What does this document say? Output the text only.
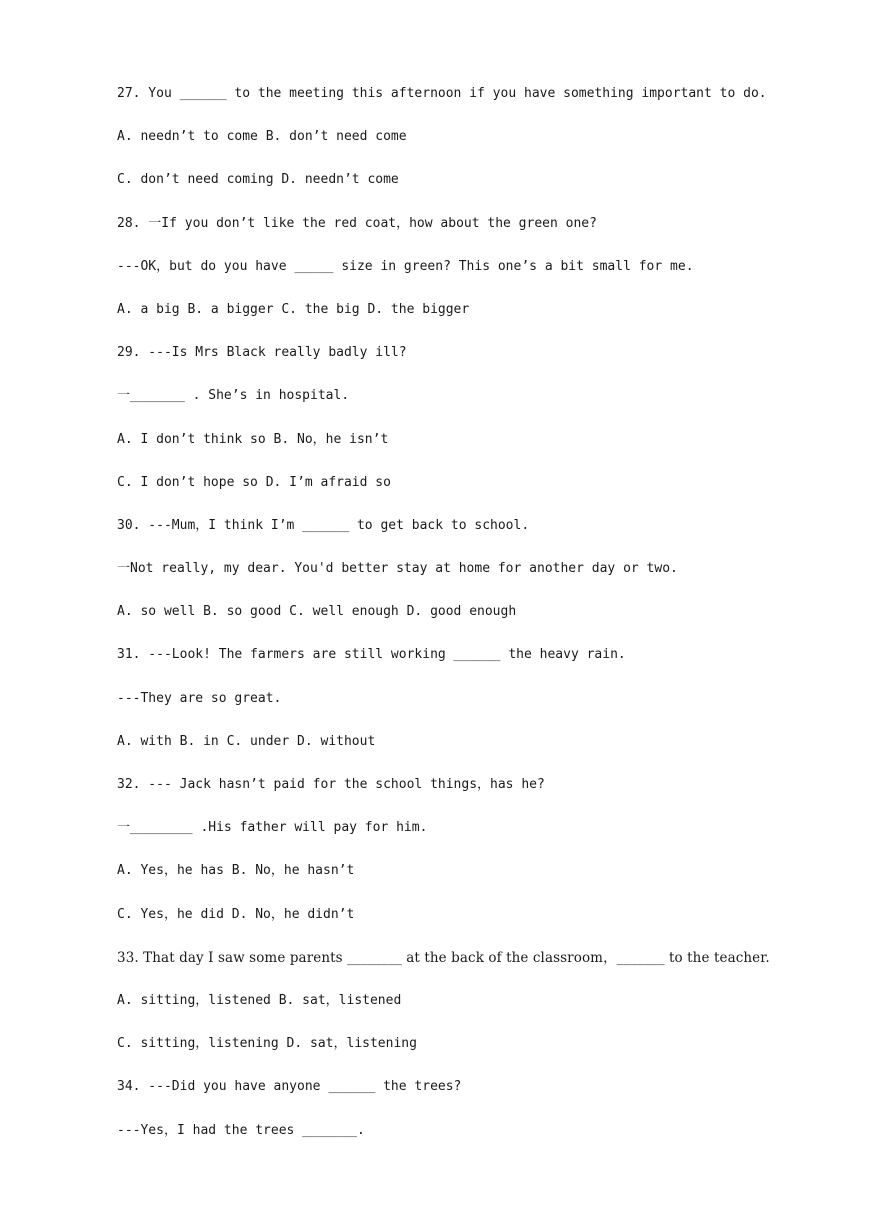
27. You ______ to the meeting this afternoon if you have something important to do.
A. needn’t to come B. don’t need come
C. don’t need coming D. needn’t come
28. 一If you don’t like the red coat，how about the green one?
---OK，but do you have _____ size in green? This one’s a bit small for me.
A. a big B. a bigger C. the big D. the bigger
29. ---Is Mrs Black really badly ill?
一_______ . She’s in hospital.
A. I don’t think so B. No，he isn’t
C. I don’t hope so D. I’m afraid so
30. ---Mum，I think I’m ______ to get back to school.
一Not really, my dear. You'd better stay at home for another day or two.
A. so well B. so good C. well enough D. good enough
31. ---Look! The farmers are still working ______ the heavy rain.
---They are so great.
A. with B. in C. under D. without
32. --- Jack hasn’t paid for the school things，has he?
一________ .His father will pay for him.
A. Yes，he has B. No，he hasn’t
C. Yes，he did D. No，he didn’t
33. That day I saw some parents ________ at the back of the classroom，_______ to the teacher.
A. sitting，listened B. sat，listened
C. sitting，listening D. sat，listening
34. ---Did you have anyone ______ the trees?
---Yes，I had the trees _______.
